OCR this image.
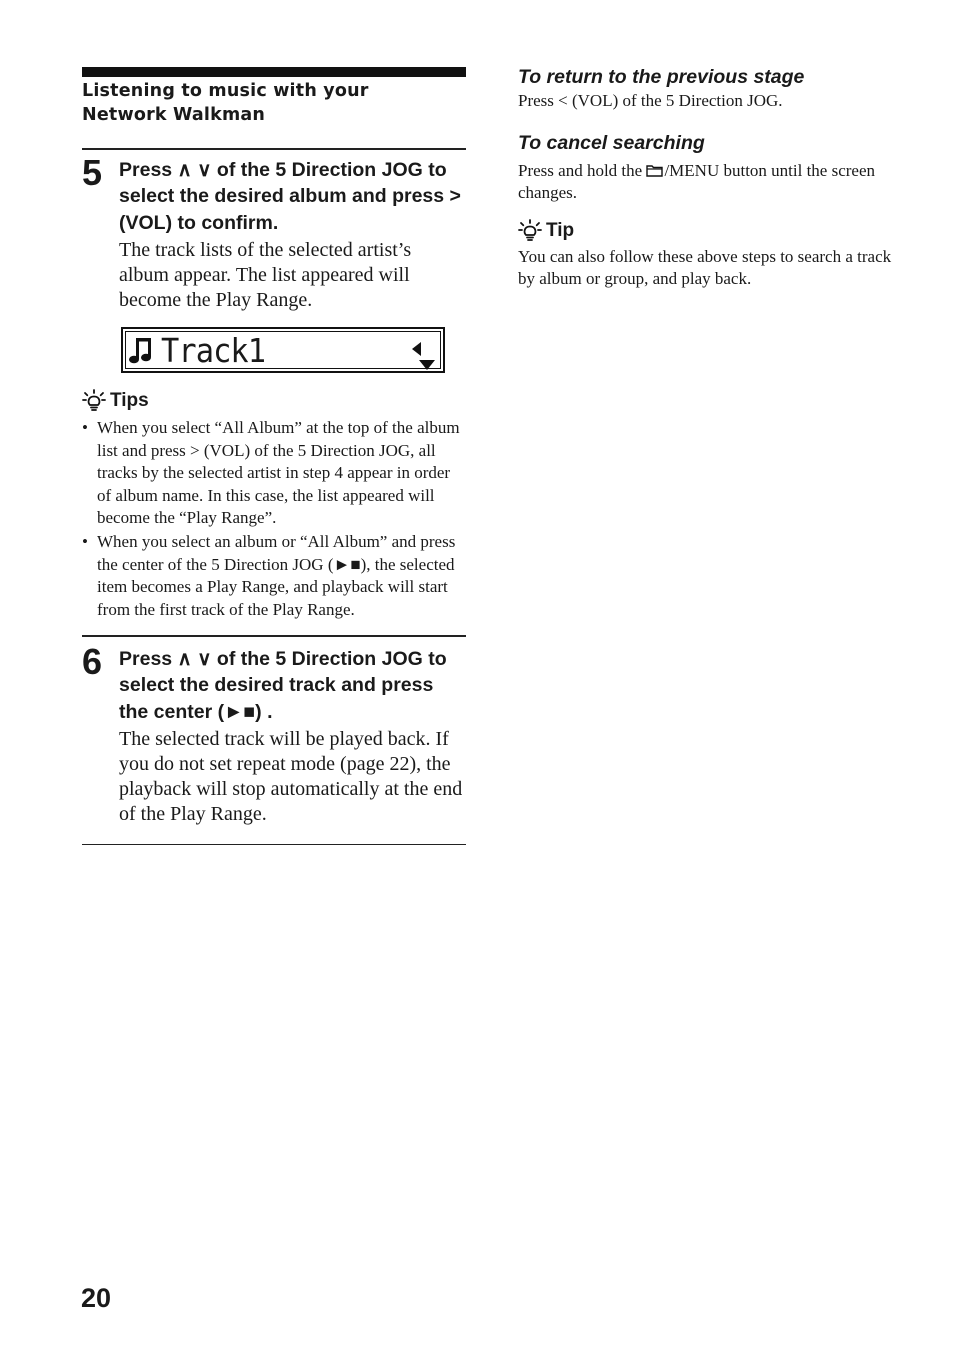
Listening to music with your
Network Walkman
5 Press ∧ ∨ of the 5 Direction JOG to select the desired album and press > (VOL) to confirm.
The track lists of the selected artist’s album appear. The list appeared will become the Play Range.
Track1
Tips
• When you select “All Album” at the top of the album list and press > (VOL) of the 5 Direction JOG, all tracks by the selected artist in step 4 appear in order of album name. In this case, the list appeared will become the “Play Range”.
• When you select an album or “All Album” and press the center of the 5 Direction JOG (►■), the selected item becomes a Play Range, and playback will start from the first track of the Play Range.
6 Press ∧ ∨ of the 5 Direction JOG to select the desired track and press the center (►■) .
The selected track will be played back. If you do not set repeat mode (page 22), the playback will stop automatically at the end of the Play Range.
To return to the previous stage
Press < (VOL) of the 5 Direction JOG.
To cancel searching
Press and hold the /MENU button until the screen changes.
Tip
You can also follow these above steps to search a track by album or group, and play back.
20
